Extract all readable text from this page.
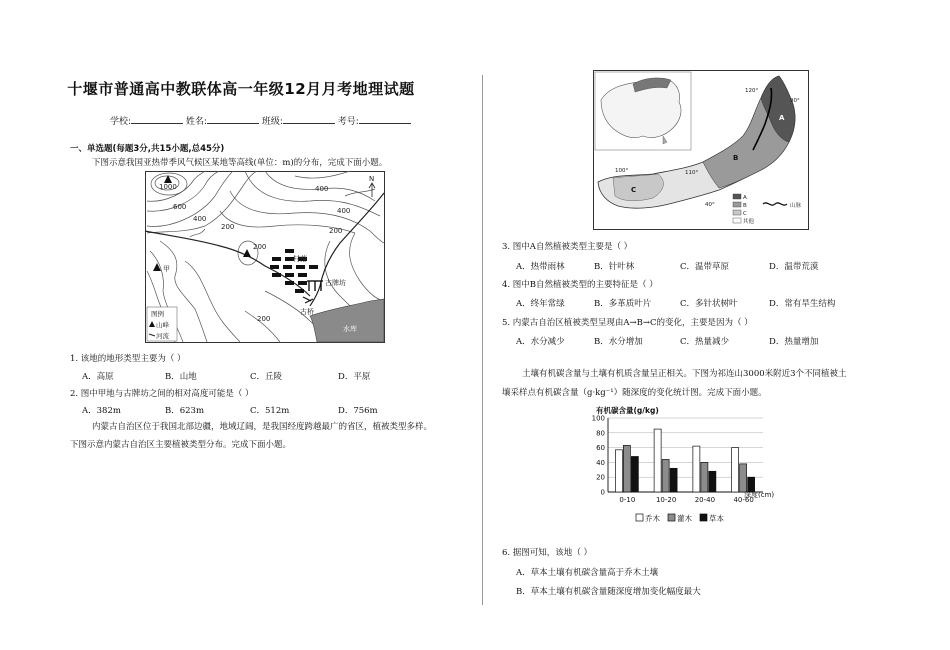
十堰市普通高中教联体高一年级12月月考地理试题
学校:	姓名:	班级:	考号:
一、单选题(每题3分,共15小题,总45分)
下图示意我国亚热带季风气候区某地等高线(单位：m)的分布，完成下面小题。
1000
600
400
400
400
200
200
200
200
村落
古牌坊
古桥
水库
甲
N
图例
山峰
河流
1. 该地的地形类型主要为（ ）
A．高原	B．山地	C．丘陵	D．平原
2. 图中甲地与古牌坊之间的相对高度可能是（ ）
A．382m	B．623m	C．512m	D．756m
内蒙古自治区位于我国北部边疆，地域辽阔，是我国经度跨越最广的省区，植被类型多样。
下图示意内蒙古自治区主要植被类型分布。完成下面小题。
120°
90°
100°	110°
40°
A
B
C
A
B
C
其他
山脉
3. 图中A自然植被类型主要是（ ）
A．热带雨林	B．针叶林	C．温带草原	D．温带荒漠
4. 图中B自然植被类型的主要特征是（ ）
A．终年常绿	B．多革质叶片	C．多针状树叶	D．常有旱生结构
5. 内蒙古自治区植被类型呈现由A→B→C的变化，主要是因为（ ）
A．水分减少	B．水分增加	C．热量减少	D．热量增加
土壤有机碳含量与土壤有机质含量呈正相关。下图为祁连山3000米附近3个不同植被土
壤采样点有机碳含量（g·kg⁻¹）随深度的变化统计图。完成下面小题。
有机碳含量(g/kg)
0-10	10-20	20-40	40-60
0
20
40
60
80
100
深度(cm)
乔木 灌木 草本
6. 据图可知，该地（ ）
A．草本土壤有机碳含量高于乔木土壤
B．草本土壤有机碳含量随深度增加变化幅度最大
